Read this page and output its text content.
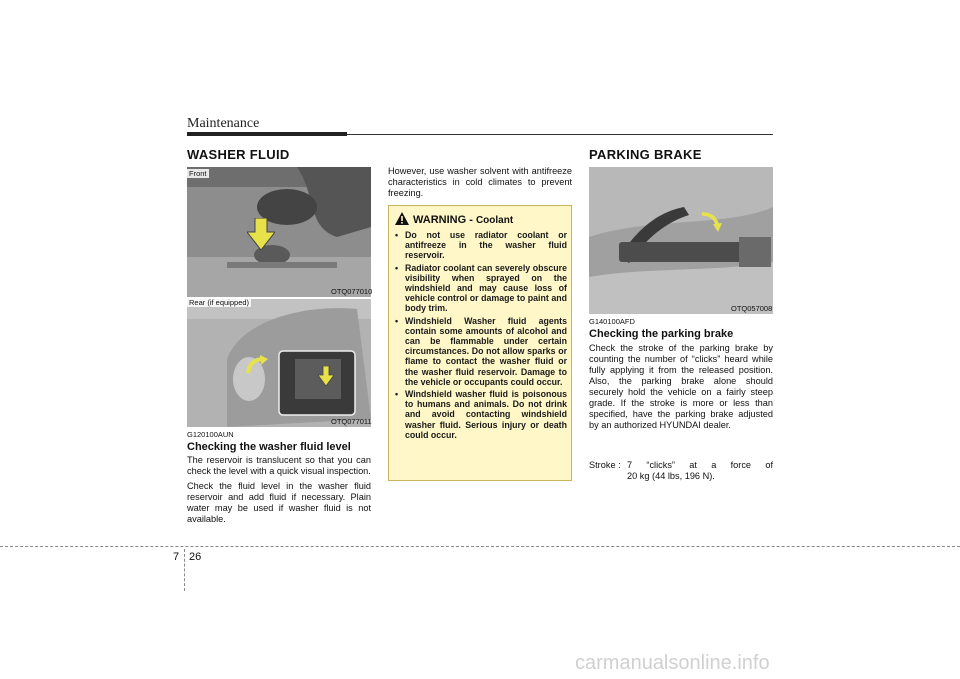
Maintenance
WASHER FLUID
Front
OTQ077010
Rear (if equipped)
OTQ077011
G120100AUN
Checking the washer fluid level

The reservoir is translucent so that you can check the level with a quick visual inspection.

Check the fluid level in the washer fluid reservoir and add fluid if necessary. Plain water may be used if washer fluid is not available.

However, use washer solvent with antifreeze characteristics in cold climates to prevent freezing.
WARNING - Coolant
• Do not use radiator coolant or antifreeze in the washer fluid reservoir.
• Radiator coolant can severely obscure visibility when sprayed on the windshield and may cause loss of vehicle control or damage to paint and body trim.
• Windshield Washer fluid agents contain some amounts of alcohol and can be flammable under certain circumstances. Do not allow sparks or flame to contact the washer fluid or the washer fluid reservoir. Damage to the vehicle or occupants could occur.
• Windshield washer fluid is poisonous to humans and animals. Do not drink and avoid contacting windshield washer fluid. Serious injury or death could occur.
PARKING BRAKE
OTQ057008
G140100AFD
Checking the parking brake
Check the stroke of the parking brake by counting the number of “clicks” heard while fully applying it from the released position. Also, the parking brake alone should securely hold the vehicle on a fairly steep grade. If the stroke is more or less than specified, have the parking brake adjusted by an authorized HYUNDAI dealer.
Stroke : 7 “clicks” at a force of
20 kg (44 lbs, 196 N).
7 26
carmanualsonline.info
